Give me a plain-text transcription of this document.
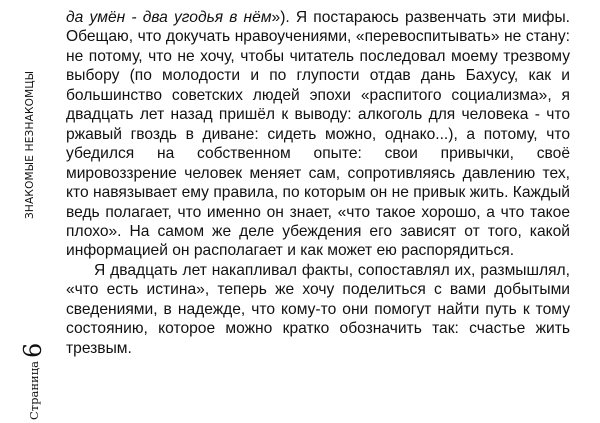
ЗНАКОМЫЕ НЕЗНАКОМЦЫ
Страница6

да умён - два угодья в нём»). Я постараюсь развенчать эти мифы. Обещаю, что докучать нравоучениями, «перевоспитывать» не стану: не потому, что не хочу, чтобы читатель последовал моему трезвому выбору (по молодости и по глупости отдав дань Бахусу, как и большинство советских людей эпохи «распитого социализма», я двадцать лет назад пришёл к выводу: алкоголь для человека - что ржавый гвоздь в диване: сидеть можно, однако...), а потому, что убедился на собственном опыте: свои привычки, своё мировоззрение человек меняет сам, сопротивляясь давлению тех, кто навязывает ему правила, по которым он не привык жить. Каждый ведь полагает, что именно он знает, «что такое хорошо, а что такое плохо». На самом же деле убеждения его зависят от того, какой информацией он располагает и как может ею распорядиться.

Я двадцать лет накапливал факты, сопоставлял их, размышлял, «что есть истина», теперь же хочу поделиться с вами добытыми сведениями, в надежде, что кому-то они помогут найти путь к тому состоянию, которое можно кратко обозначить так: счастье жить трезвым.
